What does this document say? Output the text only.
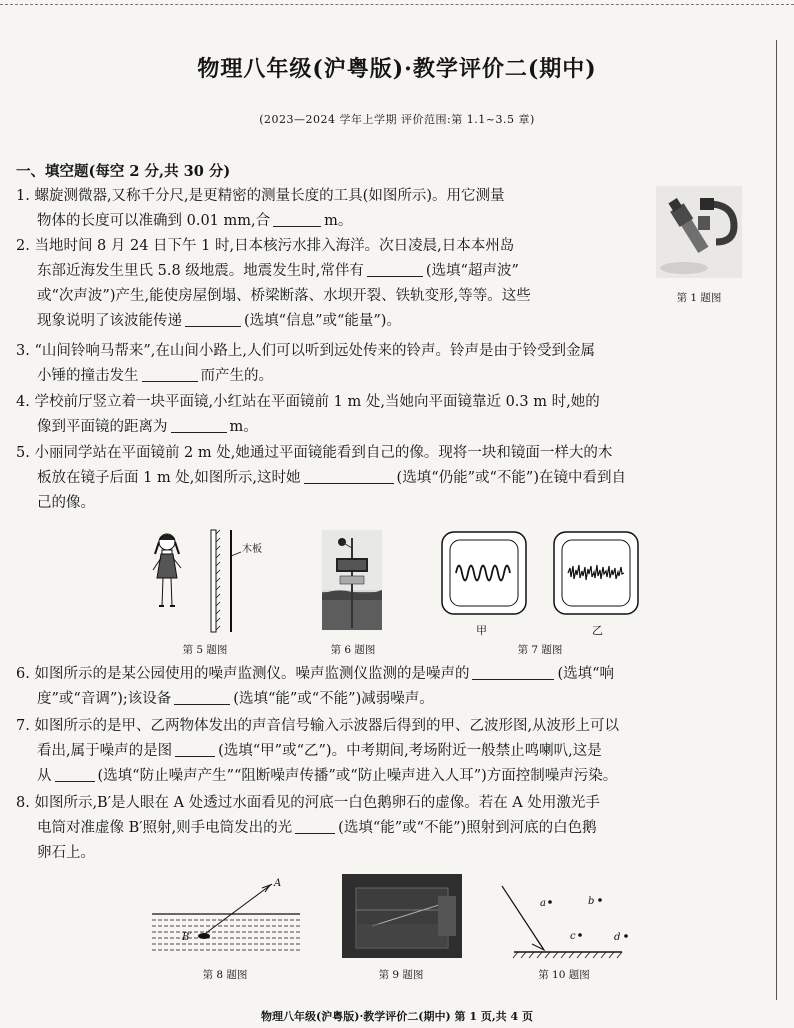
物理八年级(沪粤版)·教学评价二(期中)
(2023—2024 学年上学期 评价范围:第 1.1~3.5 章)
一、填空题(每空 2 分,共 30 分)
1. 螺旋测微器,又称千分尺,是更精密的测量长度的工具(如图所示)。用它测量
物体的长度可以准确到 0.01 mm,合	m。
第 1 题图
2. 当地时间 8 月 24 日下午 1 时,日本核污水排入海洋。次日凌晨,日本本州岛
东部近海发生里氏 5.8 级地震。地震发生时,常伴有	(选填“超声波”
或“次声波”)产生,能使房屋倒塌、桥梁断落、水坝开裂、铁轨变形,等等。这些
现象说明了该波能传递	(选填“信息”或“能量”)。
3. “山间铃响马帮来”,在山间小路上,人们可以听到远处传来的铃声。铃声是由于铃受到金属
小锤的撞击发生	而产生的。
4. 学校前厅竖立着一块平面镜,小红站在平面镜前 1 m 处,当她向平面镜靠近 0.3 m 时,她的
像到平面镜的距离为	m。
5. 小丽同学站在平面镜前 2 m 处,她通过平面镜能看到自己的像。现将一块和镜面一样大的木
板放在镜子后面 1 m 处,如图所示,这时她	(选填“仍能”或“不能”)在镜中看到自
己的像。
木板
第 5 题图	第 6 题图
甲	乙
第 7 题图
6. 如图所示的是某公园使用的噪声监测仪。噪声监测仪监测的是噪声的	(选填“响
度”或“音调”);该设备	(选填“能”或“不能”)减弱噪声。
7. 如图所示的是甲、乙两物体发出的声音信号输入示波器后得到的甲、乙波形图,从波形上可以
看出,属于噪声的是图	(选填“甲”或“乙”)。中考期间,考场附近一般禁止鸣喇叭,这是
从	(选填“防止噪声产生”“阻断噪声传播”或“防止噪声进入人耳”)方面控制噪声污染。
8. 如图所示,B′是人眼在 A 处透过水面看见的河底一白色鹅卵石的虚像。若在 A 处用激光手
电筒对准虚像 B′照射,则手电筒发出的光	(选填“能”或“不能”)照射到河底的白色鹅
卵石上。
A
B′
第 8 题图	第 9 题图
a	b
c	d
第 10 题图
物理八年级(沪粤版)·教学评价二(期中) 第 1 页,共 4 页
